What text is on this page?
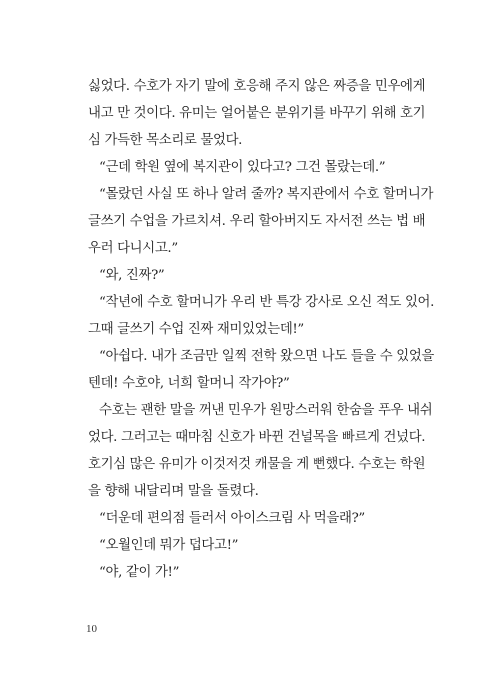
싫었다. 수호가 자기 말에 호응해 주지 않은 짜증을 민우에게
내고 만 것이다. 유미는 얼어붙은 분위기를 바꾸기 위해 호기
심 가득한 목소리로 물었다.
“근데 학원 옆에 복지관이 있다고? 그건 몰랐는데.”
“몰랐던 사실 또 하나 알려 줄까? 복지관에서 수호 할머니가
글쓰기 수업을 가르치셔. 우리 할아버지도 자서전 쓰는 법 배
우러 다니시고.”
“와, 진짜?”
“작년에 수호 할머니가 우리 반 특강 강사로 오신 적도 있어.
그때 글쓰기 수업 진짜 재미있었는데!”
“아쉽다. 내가 조금만 일찍 전학 왔으면 나도 들을 수 있었을
텐데! 수호야, 너희 할머니 작가야?”
수호는 괜한 말을 꺼낸 민우가 원망스러워 한숨을 푸우 내쉬
었다. 그러고는 때마침 신호가 바뀐 건널목을 빠르게 건넜다.
호기심 많은 유미가 이것저것 캐물을 게 뻔했다. 수호는 학원
을 향해 내달리며 말을 돌렸다.
“더운데 편의점 들러서 아이스크림 사 먹을래?”
“오월인데 뭐가 덥다고!”
“야, 같이 가!”
10
